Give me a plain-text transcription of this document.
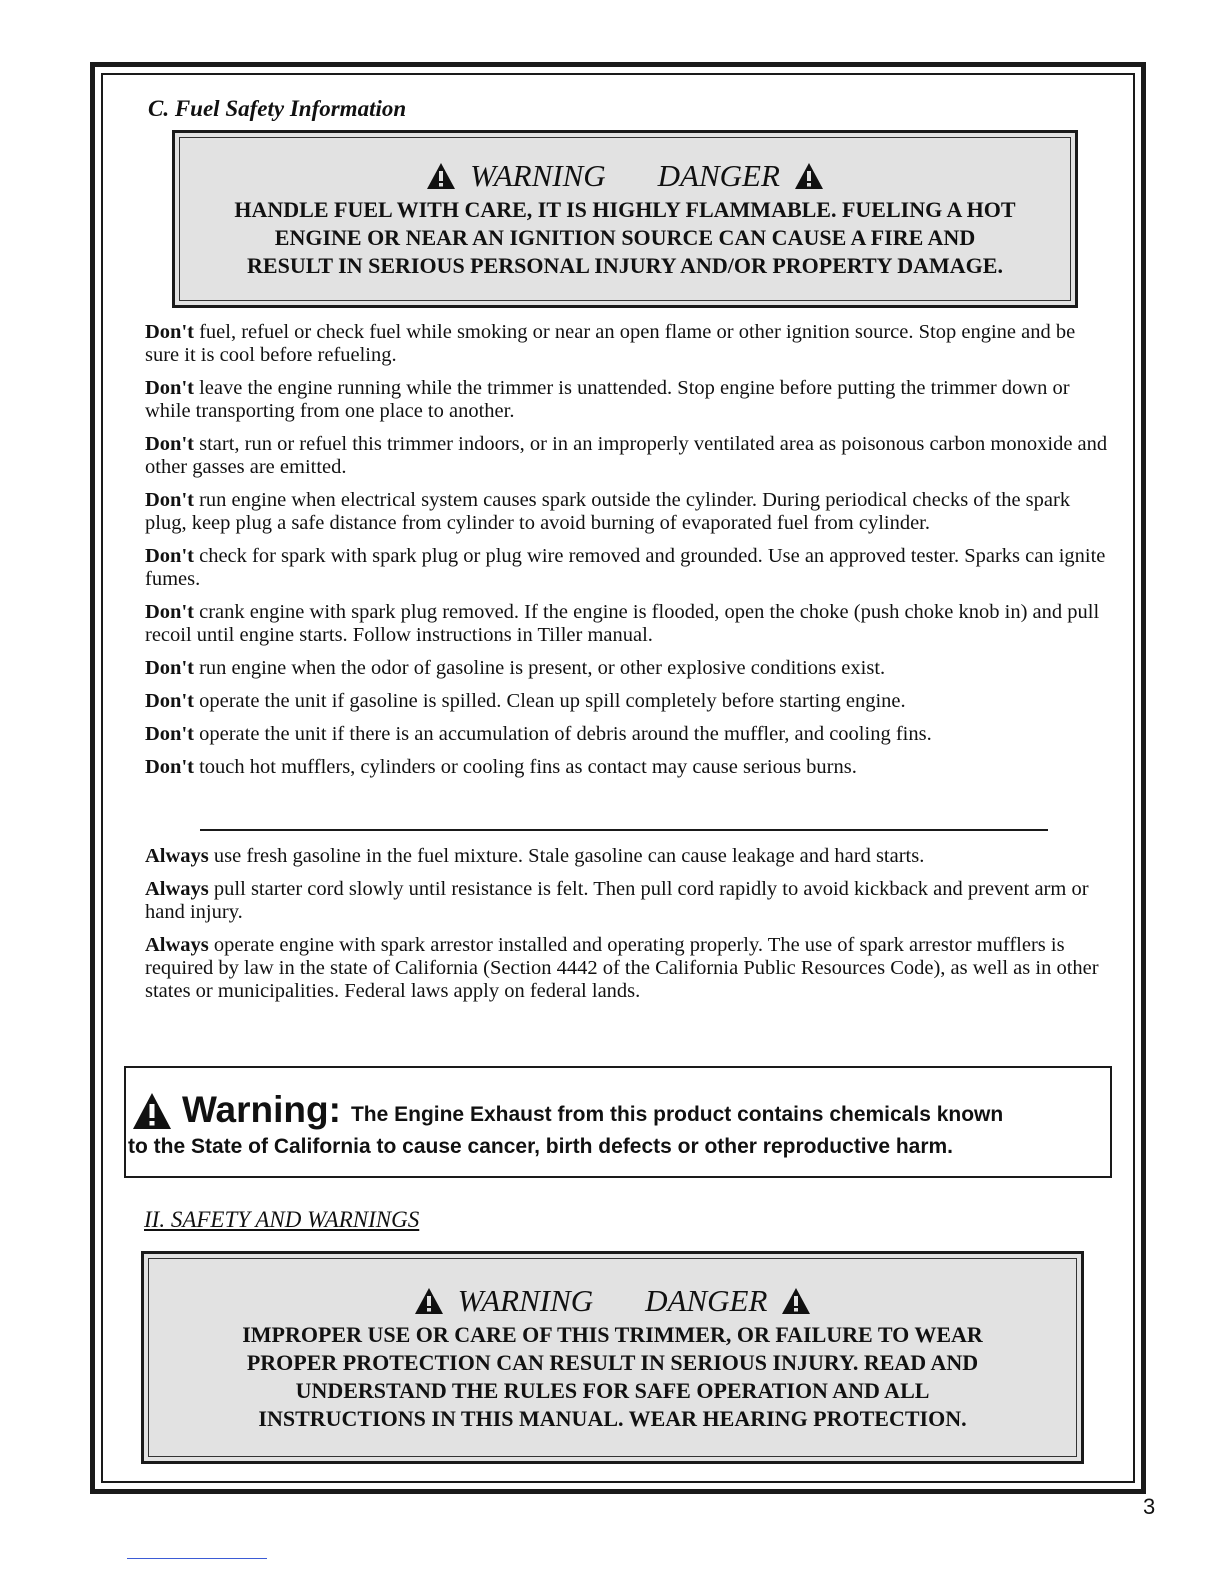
C. Fuel Safety Information
WARNING DANGER
HANDLE FUEL WITH CARE, IT IS HIGHLY FLAMMABLE. FUELING A HOT
ENGINE OR NEAR AN IGNITION SOURCE CAN CAUSE A FIRE AND
RESULT IN SERIOUS PERSONAL INJURY AND/OR PROPERTY DAMAGE.

Don't fuel, refuel or check fuel while smoking or near an open flame or other ignition source. Stop engine and be sure it is cool before refueling.

Don't leave the engine running while the trimmer is unattended. Stop engine before putting the trimmer down or while transporting from one place to another.

Don't start, run or refuel this trimmer indoors, or in an improperly ventilated area as poisonous carbon monoxide and other gasses are emitted.

Don't run engine when electrical system causes spark outside the cylinder. During periodical checks of the spark plug, keep plug a safe distance from cylinder to avoid burning of evaporated fuel from cylinder.

Don't check for spark with spark plug or plug wire removed and grounded. Use an approved tester. Sparks can ignite fumes.

Don't crank engine with spark plug removed. If the engine is flooded, open the choke (push choke knob in) and pull recoil until engine starts. Follow instructions in Tiller manual.

Don't run engine when the odor of gasoline is present, or other explosive conditions exist.

Don't operate the unit if gasoline is spilled. Clean up spill completely before starting engine.

Don't operate the unit if there is an accumulation of debris around the muffler, and cooling fins.

Don't touch hot mufflers, cylinders or cooling fins as contact may cause serious burns.

Always use fresh gasoline in the fuel mixture. Stale gasoline can cause leakage and hard starts.

Always pull starter cord slowly until resistance is felt. Then pull cord rapidly to avoid kickback and prevent arm or hand injury.

Always operate engine with spark arrestor installed and operating properly. The use of spark arrestor mufflers is required by law in the state of California (Section 4442 of the California Public Resources Code), as well as in other states or municipalities. Federal laws apply on federal lands.

Warning: The Engine Exhaust from this product contains chemicals known
to the State of California to cause cancer, birth defects or other reproductive harm.
II. SAFETY AND WARNINGS
WARNING DANGER
IMPROPER USE OR CARE OF THIS TRIMMER, OR FAILURE TO WEAR
PROPER PROTECTION CAN RESULT IN SERIOUS INJURY. READ AND
UNDERSTAND THE RULES FOR SAFE OPERATION AND ALL
INSTRUCTIONS IN THIS MANUAL. WEAR HEARING PROTECTION.
3
